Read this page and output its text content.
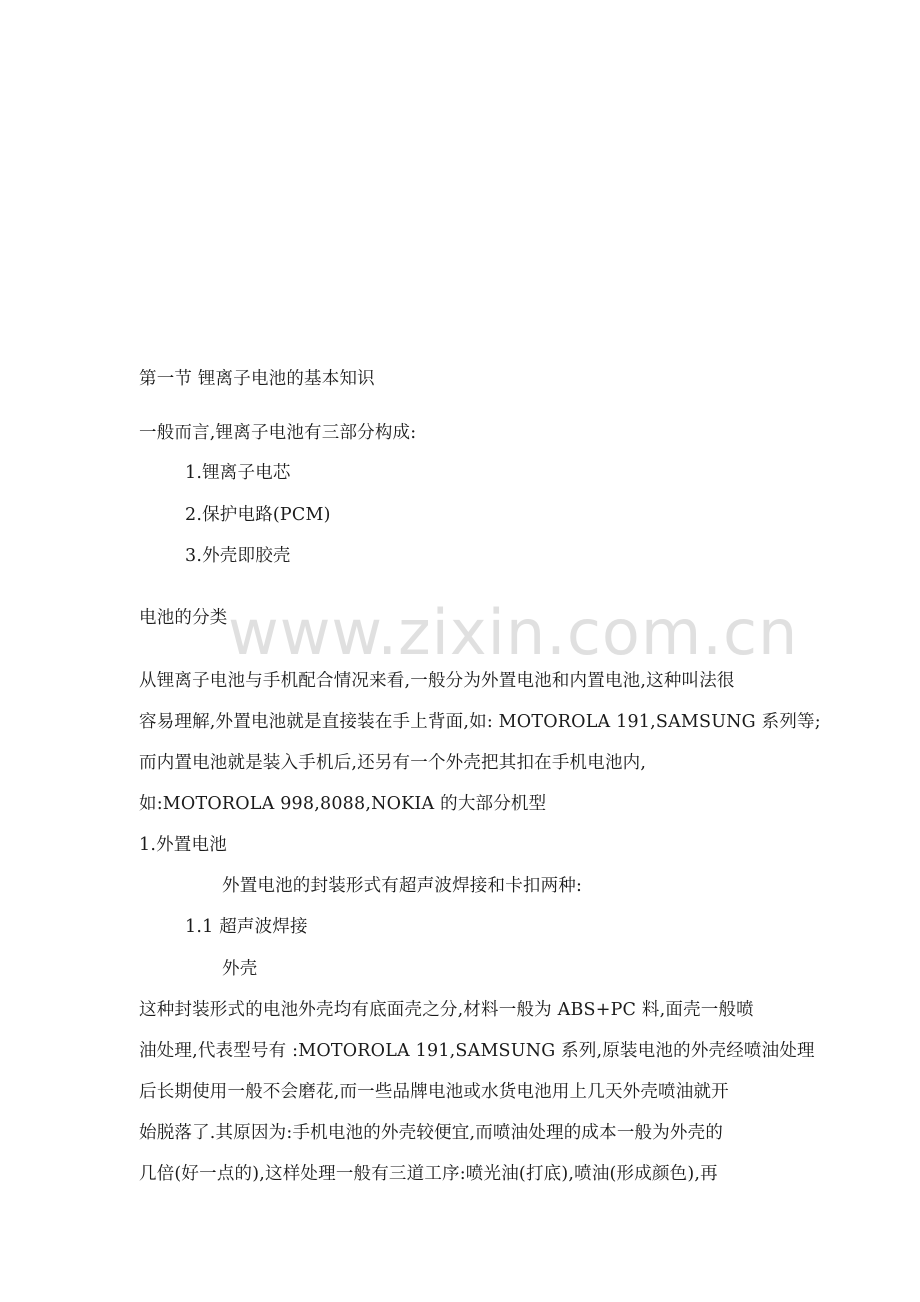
www.zixin.com.cn
第一节 锂离子电池的基本知识
一般而言,锂离子电池有三部分构成:
1.锂离子电芯
2.保护电路(PCM)
3.外壳即胶壳
电池的分类
从锂离子电池与手机配合情况来看,一般分为外置电池和内置电池,这种叫法很
容易理解,外置电池就是直接装在手上背面,如: MOTOROLA 191,SAMSUNG 系列等;
而内置电池就是装入手机后,还另有一个外壳把其扣在手机电池内,
如:MOTOROLA 998,8088,NOKIA 的大部分机型
1.外置电池
外置电池的封装形式有超声波焊接和卡扣两种:
1.1 超声波焊接
外壳
这种封装形式的电池外壳均有底面壳之分,材料一般为 ABS+PC 料,面壳一般喷
油处理,代表型号有 :MOTOROLA 191,SAMSUNG 系列,原装电池的外壳经喷油处理
后长期使用一般不会磨花,而一些品牌电池或水货电池用上几天外壳喷油就开
始脱落了.其原因为:手机电池的外壳较便宜,而喷油处理的成本一般为外壳的
几倍(好一点的),这样处理一般有三道工序:喷光油(打底),喷油(形成颜色),再
